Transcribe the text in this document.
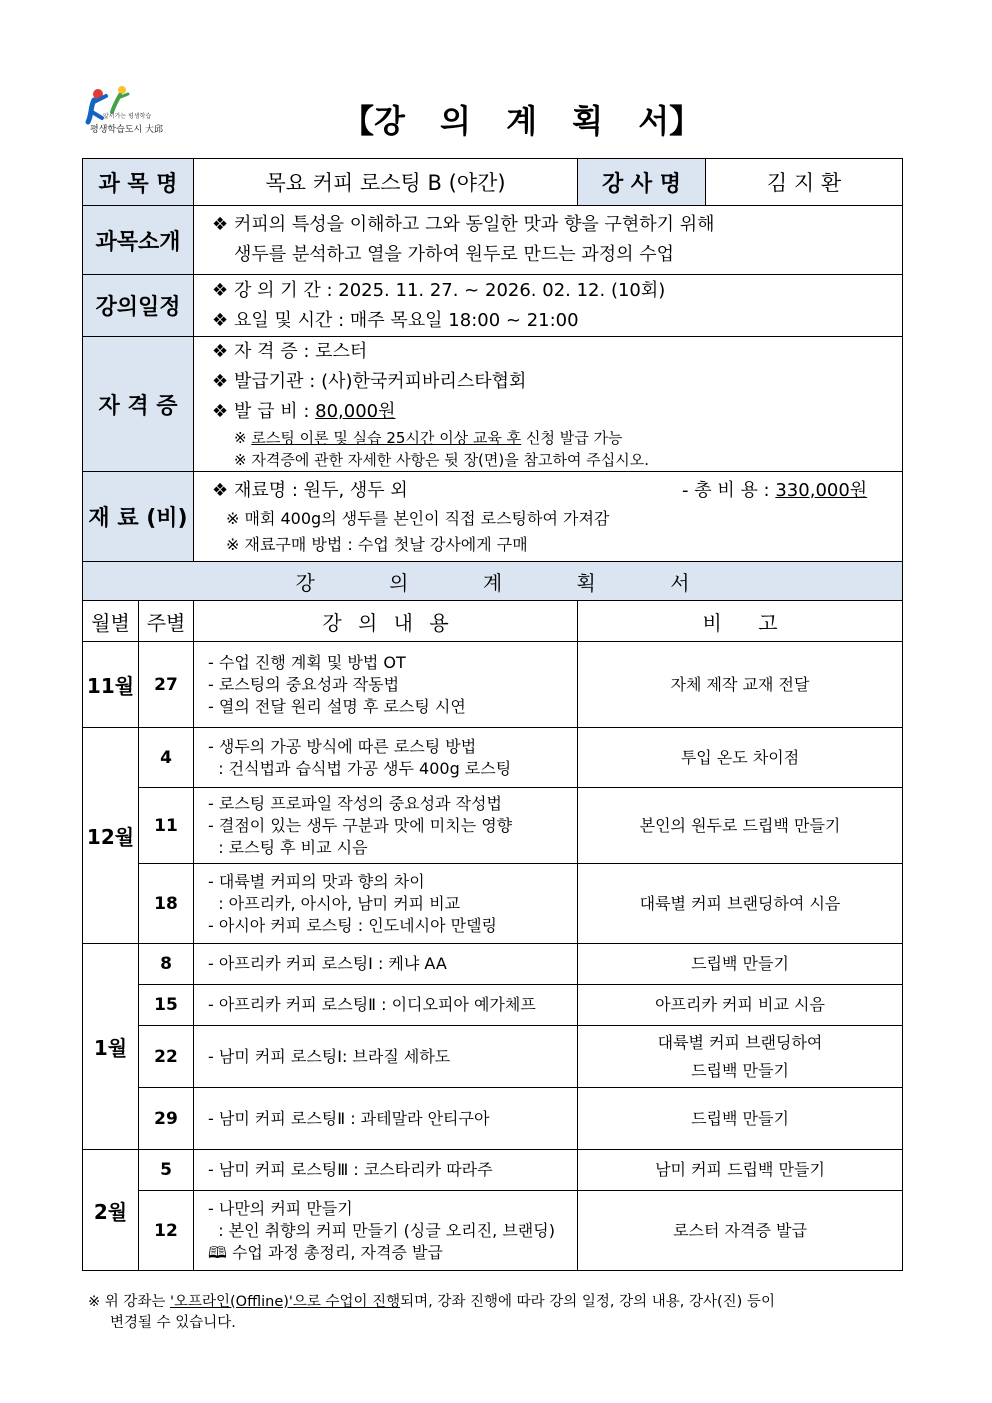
앞서가는 평생학습
평생학습도시 大邱	【강 의 계 획 서】
과 목 명		목요 커피 로스팅 B (야간)	강 사 명	김 지 환
과목소개		❖ 커피의 특성을 이해하고 그와 동일한 맛과 향을 구현하기 위해
생두를 분석하고 열을 가하여 원두로 만드는 과정의 수업		

강의일정		❖ 강 의 기 간 : 2025. 11. 27. ~ 2026. 02. 12. (10회)
❖ 요일 및 시간 : 매주 목요일 18:00 ~ 21:00		

자 격 증		❖ 자 격 증 : 로스터
❖ 발급기관 : (사)한국커피바리스타협회
❖ 발 급 비 : 80,000원
※ 로스팅 이론 및 실습 25시간 이상 교육 후 신청 발급 가능
※ 자격증에 관한 자세한 사항은 뒷 장(면)을 참고하여 주십시오.		

재 료 (비)		❖ 재료명 : 원두, 생두 외 - 총 비 용 : 330,000원
※ 매회 400g의 생두를 본인이 직접 로스팅하여 가져감
※ 재료구매 방법 : 수업 첫날 강사에게 구매		

강 의 계 획 서				
월별	주별	강 의 내 용	비 고	
11월	27	- 수업 진행 계획 및 방법 OT
- 로스팅의 중요성과 작동법
- 열의 전달 원리 설명 후 로스팅 시연	자체 제작 교재 전달	
12월	4	- 생두의 가공 방식에 따른 로스팅 방법
: 건식법과 습식법 가공 생두 400g 로스팅	투입 온도 차이점	
	11	- 로스팅 프로파일 작성의 중요성과 작성법
- 결점이 있는 생두 구분과 맛에 미치는 영향
: 로스팅 후 비교 시음	본인의 원두로 드립백 만들기	
	18	- 대륙별 커피의 맛과 향의 차이
: 아프리카, 아시아, 남미 커피 비교
- 아시아 커피 로스팅 : 인도네시아 만델링	대륙별 커피 브랜딩하여 시음	
1월	8	- 아프리카 커피 로스팅Ⅰ : 케냐 AA	드립백 만들기	
	15	- 아프리카 커피 로스팅Ⅱ : 이디오피아 예가체프	아프리카 커피 비교 시음	
	22	- 남미 커피 로스팅Ⅰ: 브라질 세하도	대륙별 커피 브랜딩하여
드립백 만들기	

	29	- 남미 커피 로스팅Ⅱ : 과테말라 안티구아	드립백 만들기	
2월	5	- 남미 커피 로스팅Ⅲ : 코스타리카 따라주	남미 커피 드립백 만들기	
	12	- 나만의 커피 만들기
: 본인 취향의 커피 만들기 (싱글 오리진, 브랜딩)
🕮 수업 과정 총정리, 자격증 발급	로스터 자격증 발급	
※ 위 강좌는 '오프라인(Offline)'으로 수업이 진행되며, 강좌 진행에 따라 강의 일정, 강의 내용, 강사(진) 등이
변경될 수 있습니다.
